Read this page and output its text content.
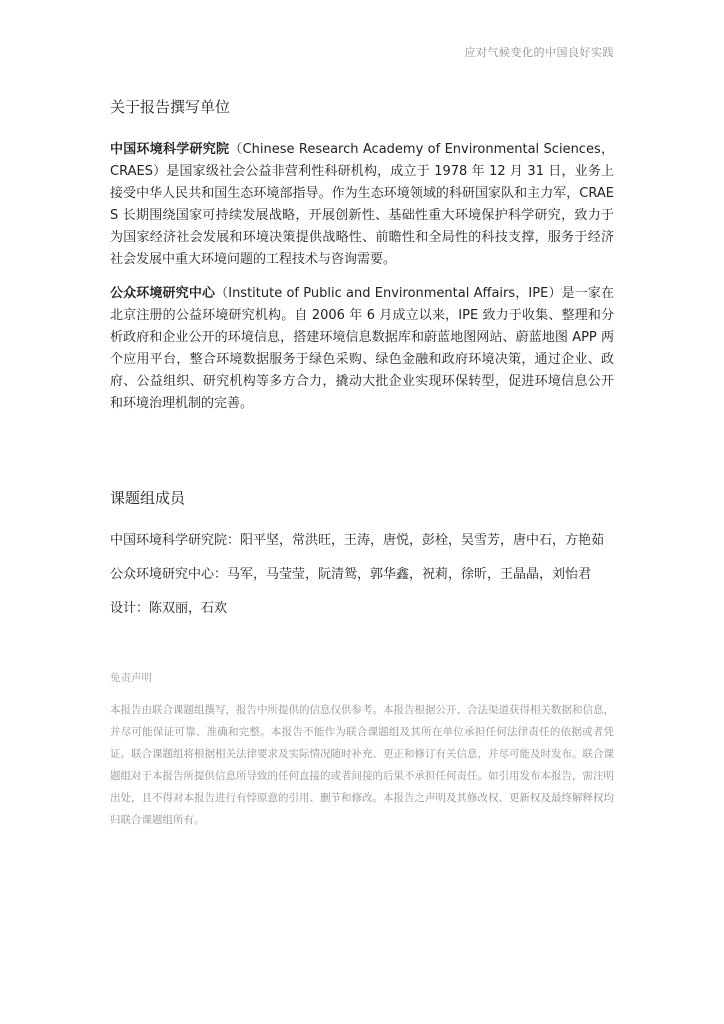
应对气候变化的中国良好实践
关于报告撰写单位

中国环境科学研究院（Chinese Research Academy of Environmental Sciences，CRAES）是国家级社会公益非营利性科研机构，成立于 1978 年 12 月 31 日，业务上接受中华人民共和国生态环境部指导。作为生态环境领域的科研国家队和主力军，CRAES 长期围绕国家可持续发展战略，开展创新性、基础性重大环境保护科学研究，致力于为国家经济社会发展和环境决策提供战略性、前瞻性和全局性的科技支撑，服务于经济社会发展中重大环境问题的工程技术与咨询需要。

公众环境研究中心（Institute of Public and Environmental Affairs，IPE）是一家在北京注册的公益环境研究机构。自 2006 年 6 月成立以来，IPE 致力于收集、整理和分析政府和企业公开的环境信息，搭建环境信息数据库和蔚蓝地图网站、蔚蓝地图 APP 两个应用平台，整合环境数据服务于绿色采购、绿色金融和政府环境决策，通过企业、政府、公益组织、研究机构等多方合力，撬动大批企业实现环保转型，促进环境信息公开和环境治理机制的完善。

课题组成员
中国环境科学研究院：阳平坚，常洪旺，王涛，唐悦，彭栓，吴雪芳，唐中石，方艳茹
公众环境研究中心：马军，马莹莹，阮清鸳，郭华鑫，祝莉，徐昕，王晶晶，刘怡君
设计：陈双丽，石欢
免责声明

本报告由联合课题组撰写，报告中所提供的信息仅供参考。本报告根据公开、合法渠道获得相关数据和信息，并尽可能保证可靠、准确和完整。本报告不能作为联合课题组及其所在单位承担任何法律责任的依据或者凭证。联合课题组将根据相关法律要求及实际情况随时补充、更正和修订有关信息，并尽可能及时发布。联合课题组对于本报告所提供信息所导致的任何直接的或者间接的后果不承担任何责任。如引用发布本报告，需注明出处，且不得对本报告进行有悖原意的引用、删节和修改。本报告之声明及其修改权、更新权及最终解释权均归联合课题组所有。
